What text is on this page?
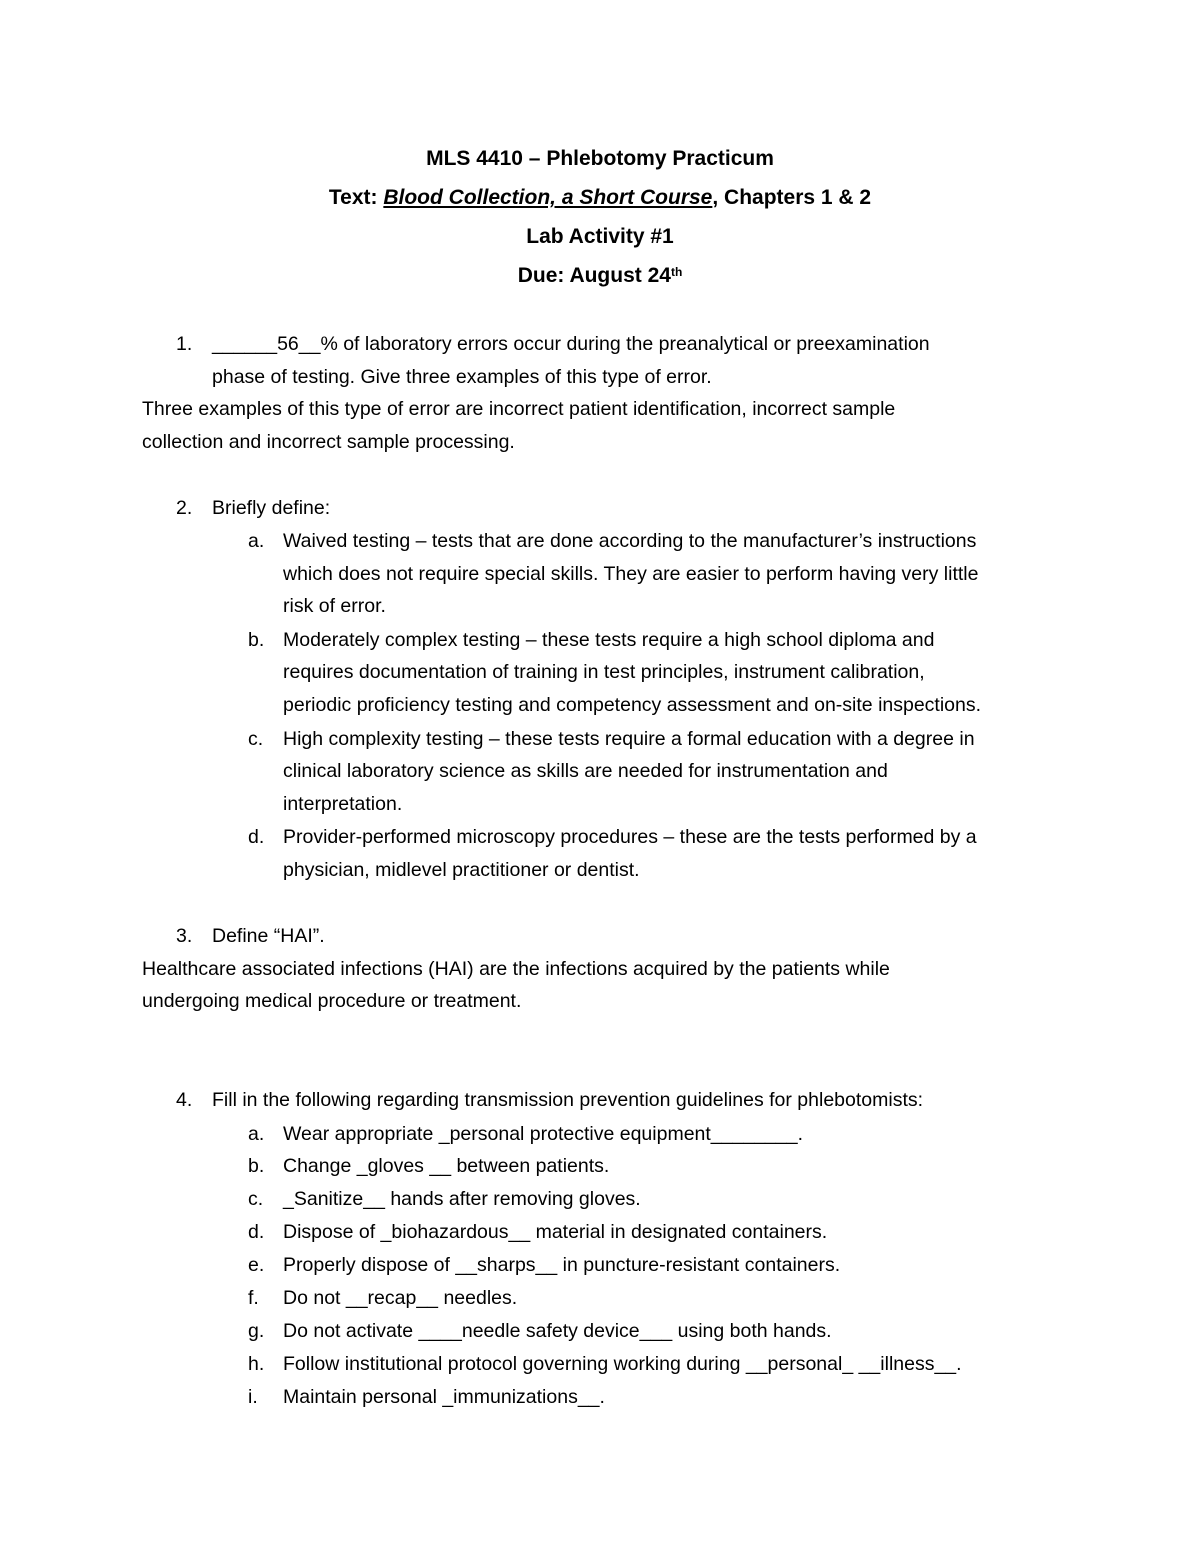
MLS 4410 – Phlebotomy Practicum
Text: Blood Collection, a Short Course, Chapters 1 & 2
Lab Activity #1
Due: August 24th
1. ______56__% of laboratory errors occur during the preanalytical or preexamination
phase of testing. Give three examples of this type of error.
Three examples of this type of error are incorrect patient identification, incorrect sample
collection and incorrect sample processing.
2. Briefly define:
a. Waived testing – tests that are done according to the manufacturer’s instructions
which does not require special skills. They are easier to perform having very little
risk of error.
b. Moderately complex testing – these tests require a high school diploma and
requires documentation of training in test principles, instrument calibration,
periodic proficiency testing and competency assessment and on-site inspections.
c. High complexity testing – these tests require a formal education with a degree in
clinical laboratory science as skills are needed for instrumentation and
interpretation.
d. Provider-performed microscopy procedures – these are the tests performed by a
physician, midlevel practitioner or dentist.
3. Define “HAI”.
Healthcare associated infections (HAI) are the infections acquired by the patients while
undergoing medical procedure or treatment.
4. Fill in the following regarding transmission prevention guidelines for phlebotomists:
a. Wear appropriate _personal protective equipment________.
b. Change _gloves __ between patients.
c. _Sanitize__ hands after removing gloves.
d. Dispose of _biohazardous__ material in designated containers.
e. Properly dispose of __sharps__ in puncture-resistant containers.
f. Do not __recap__ needles.
g. Do not activate ____needle safety device___ using both hands.
h. Follow institutional protocol governing working during __personal_ __illness__.
i. Maintain personal _immunizations__.
